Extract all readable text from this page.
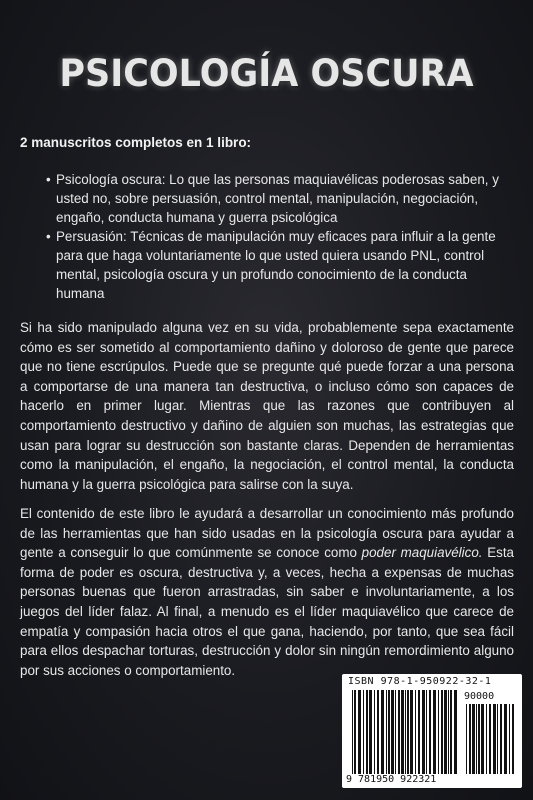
PSICOLOGÍA OSCURA
2 manuscritos completos en 1 libro:
• Psicología oscura: Lo que las personas maquiavélicas poderosas saben, y usted no, sobre persuasión, control mental, manipulación, negociación, engaño, conducta humana y guerra psicológica
• Persuasión: Técnicas de manipulación muy eficaces para influir a la gente para que haga voluntariamente lo que usted quiera usando PNL, control mental, psicología oscura y un profundo conocimiento de la conducta humana

Si ha sido manipulado alguna vez en su vida, probablemente sepa exactamente cómo es ser sometido al comportamiento dañino y doloroso de gente que parece que no tiene escrúpulos. Puede que se pregunte qué puede forzar a una persona a comportarse de una manera tan destructiva, o incluso cómo son capaces de hacerlo en primer lugar. Mientras que las razones que contribuyen al comportamiento destructivo y dañino de alguien son muchas, las estrategias que usan para lograr su destrucción son bastante claras. Dependen de herramientas como la manipulación, el engaño, la negociación, el control mental, la conducta humana y la guerra psicológica para salirse con la suya.

El contenido de este libro le ayudará a desarrollar un conocimiento más profundo de las herramientas que han sido usadas en la psicología oscura para ayudar a gente a conseguir lo que comúnmente se conoce como poder maquiavélico. Esta forma de poder es oscura, destructiva y, a veces, hecha a expensas de muchas personas buenas que fueron arrastradas, sin saber e involuntariamente, a los juegos del líder falaz. Al final, a menudo es el líder maquiavélico que carece de empatía y compasión hacia otros el que gana, haciendo, por tanto, que sea fácil para ellos despachar torturas, destrucción y dolor sin ningún remordimiento alguno por sus acciones o comportamiento.

ISBN 978-1-950922-32-1
90000
9 781950 922321
